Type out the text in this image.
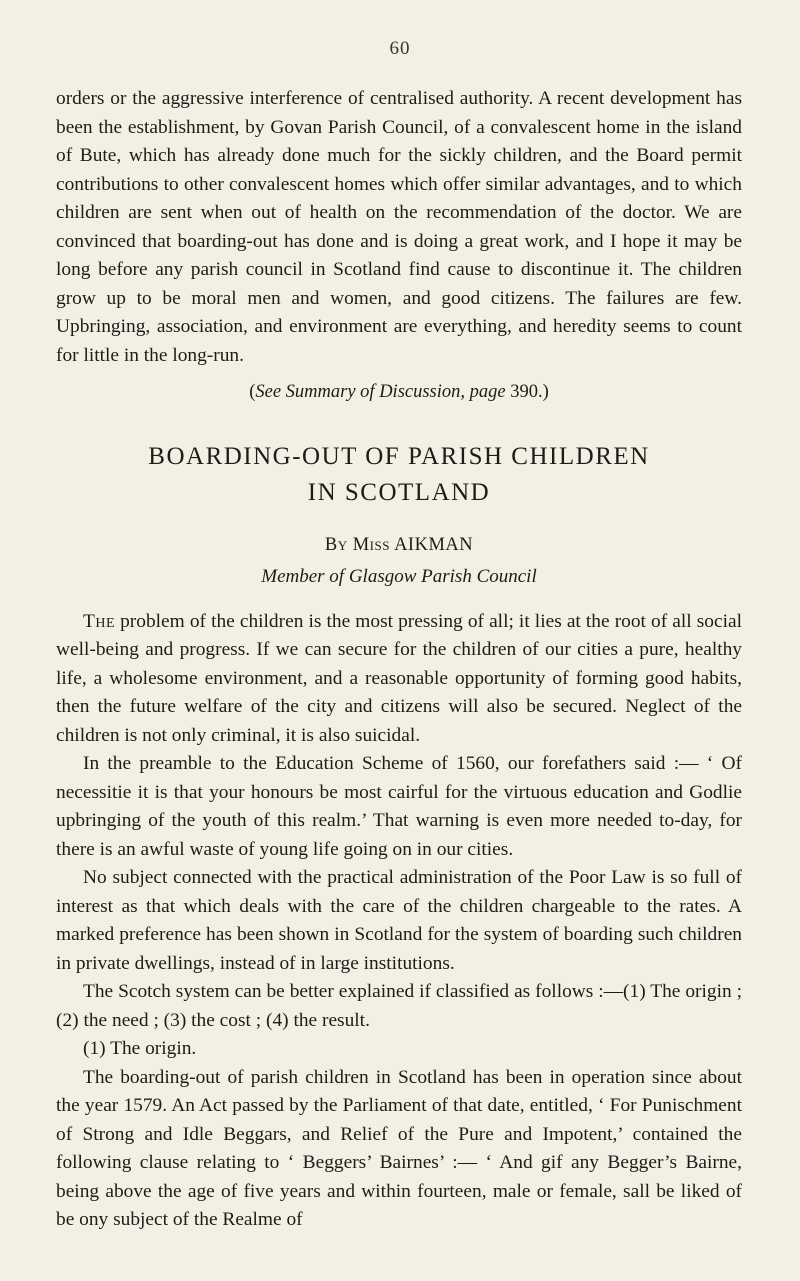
60

orders or the aggressive interference of centralised authority. A recent development has been the establishment, by Govan Parish Council, of a convalescent home in the island of Bute, which has already done much for the sickly children, and the Board permit contributions to other convalescent homes which offer similar advantages, and to which children are sent when out of health on the recommendation of the doctor. We are convinced that boarding-out has done and is doing a great work, and I hope it may be long before any parish council in Scotland find cause to discontinue it. The children grow up to be moral men and women, and good citizens. The failures are few. Upbringing, association, and environment are everything, and heredity seems to count for little in the long-run.

(See Summary of Discussion, page 390.)

BOARDING-OUT OF PARISH CHILDREN
IN SCOTLAND

By Miss AIKMAN

Member of Glasgow Parish Council

The problem of the children is the most pressing of all; it lies at the root of all social well-being and progress. If we can secure for the children of our cities a pure, healthy life, a wholesome environment, and a reasonable opportunity of forming good habits, then the future welfare of the city and citizens will also be secured. Neglect of the children is not only criminal, it is also suicidal.

In the preamble to the Education Scheme of 1560, our forefathers said :— ‘ Of necessitie it is that your honours be most cairful for the virtuous education and Godlie upbringing of the youth of this realm.’ That warning is even more needed to-day, for there is an awful waste of young life going on in our cities.

No subject connected with the practical administration of the Poor Law is so full of interest as that which deals with the care of the children chargeable to the rates. A marked preference has been shown in Scotland for the system of boarding such children in private dwellings, instead of in large institutions.

The Scotch system can be better explained if classified as follows :—(1) The origin ; (2) the need ; (3) the cost ; (4) the result.

(1) The origin.

The boarding-out of parish children in Scotland has been in operation since about the year 1579. An Act passed by the Parliament of that date, entitled, ‘ For Punischment of Strong and Idle Beggars, and Relief of the Pure and Impotent,’ contained the following clause relating to ‘ Beggers’ Bairnes’ :— ‘ And gif any Begger’s Bairne, being above the age of five years and within fourteen, male or female, sall be liked of be ony subject of the Realme of
